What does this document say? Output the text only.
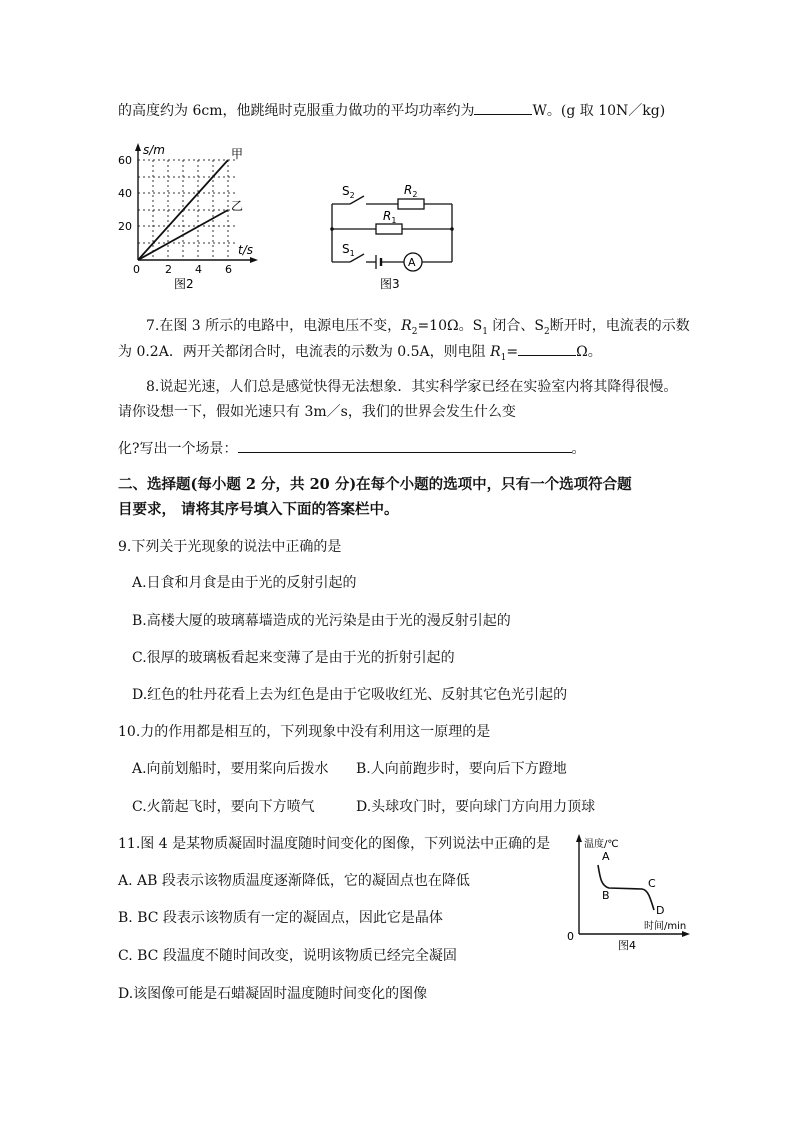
的高度约为 6cm，他跳绳时克服重力做功的平均功率约为	W。(g 取 10N／kg)
甲
乙
s/m
t/s
20
40
60
0 2 4 6
图2
$S_2$	$R_2$
$R_1$
$S_1$
A
图3
7.在图 3 所示的电路中，电源电压不变，$R_2=10\Omega$。$S_1$ 闭合、$S_2$断开时，电流表的示数
为 0.2A．两开关都闭合时，电流表的示数为 0.5A，则电阻 $R_1=$	Ω。
8.说起光速，人们总是感觉快得无法想象．其实科学家已经在实验室内将其降得很慢。
请你设想一下，假如光速只有 3m／s，我们的世界会发生什么变
化?写出一个场景：	。
二、选择题(每小题 2 分，共 20 分)在每个小题的选项中，只有一个选项符合题
目要求， 请将其序号填入下面的答案栏中。
9.下列关于光现象的说法中正确的是
A.日食和月食是由于光的反射引起的
B.高楼大厦的玻璃幕墙造成的光污染是由于光的漫反射引起的
C.很厚的玻璃板看起来变薄了是由于光的折射引起的
D.红色的牡丹花看上去为红色是由于它吸收红光、反射其它色光引起的
10.力的作用都是相互的，下列现象中没有利用这一原理的是
A.向前划船时，要用桨向后拨水 B.人向前跑步时，要向后下方蹬地
C.火箭起飞时，要向下方喷气	D.头球攻门时，要向球门方向用力顶球
11.图 4 是某物质凝固时温度随时间变化的图像，下列说法中正确的是
A. AB 段表示该物质温度逐渐降低，它的凝固点也在降低
B. BC 段表示该物质有一定的凝固点，因此它是晶体
C. BC 段温度不随时间改变，说明该物质已经完全凝固
D.该图像可能是石蜡凝固时温度随时间变化的图像
温度/℃
时间/min
0
A
B
C
D
图4
